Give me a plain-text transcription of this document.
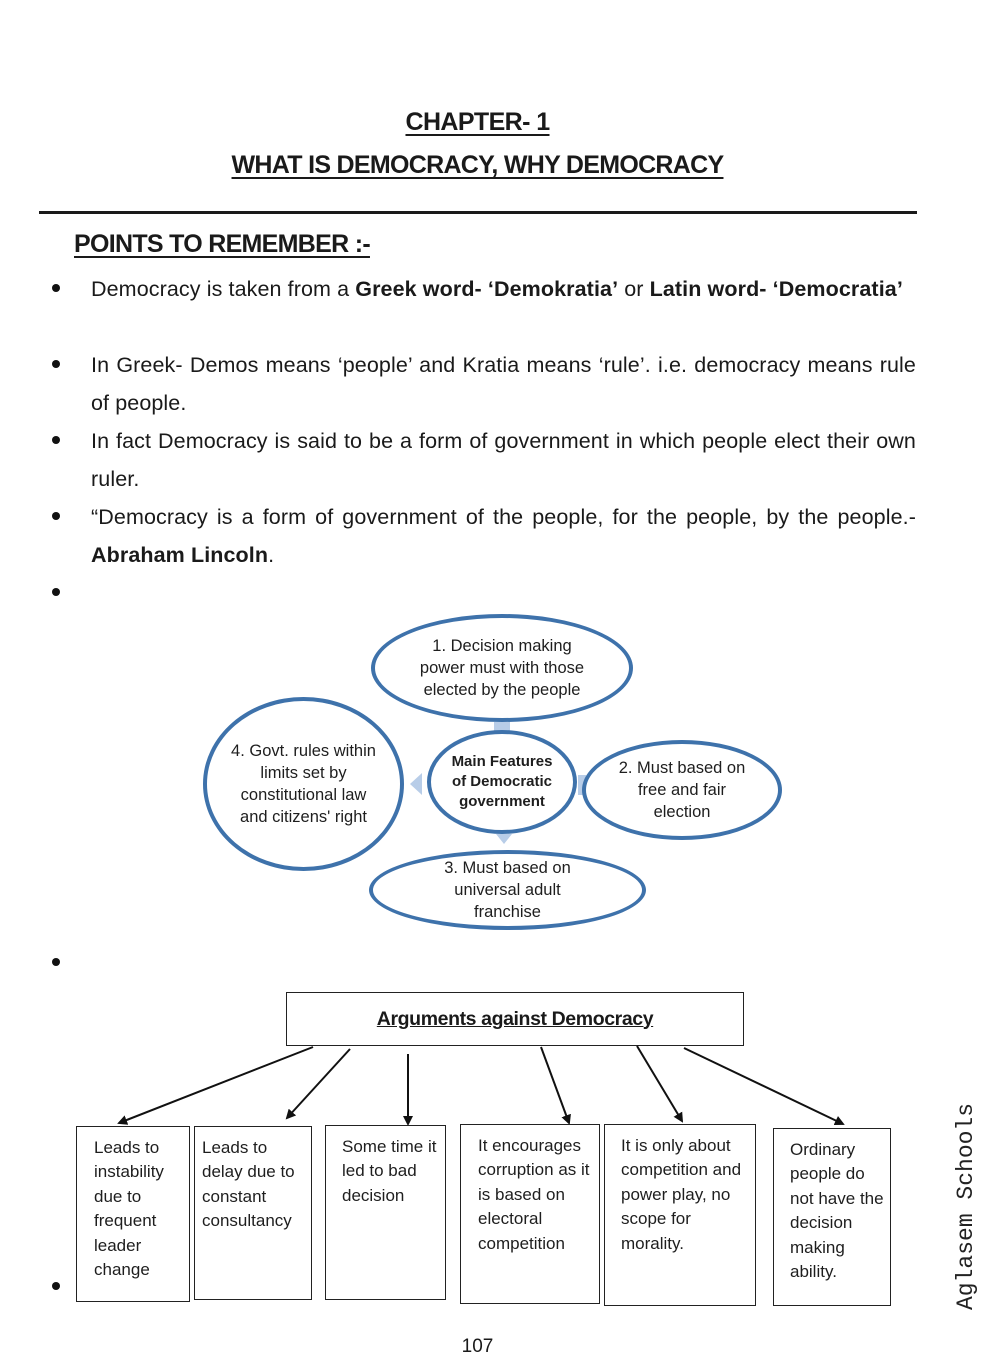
CHAPTER- 1
WHAT IS DEMOCRACY, WHY DEMOCRACY
POINTS TO REMEMBER :-
Democracy is taken from a Greek word- ‘Demokratia’ or Latin word- ‘Democratia’
In Greek- Demos means ‘people’ and Kratia means ‘rule’. i.e. democracy means rule of people.
In fact Democracy is said to be a form of government in which people elect their own ruler.
“Democracy is a form of government of the people, for the people, by the people.- Abraham Lincoln.
1. Decision making power must with those elected by the people
2. Must based on free and fair election
3. Must based on universal adult franchise
4. Govt. rules within limits set by constitutional law and citizens' right
Main Features of Democratic government
Arguments against Democracy
Leads to instability due to frequent leader change
Leads to delay due to constant consultancy
Some time it led to bad decision
It encourages corruption as it is based on electoral competition
It is only about competition and power play, no scope for morality.
Ordinary people do not have the decision making ability.	Aglasem Schools
107
